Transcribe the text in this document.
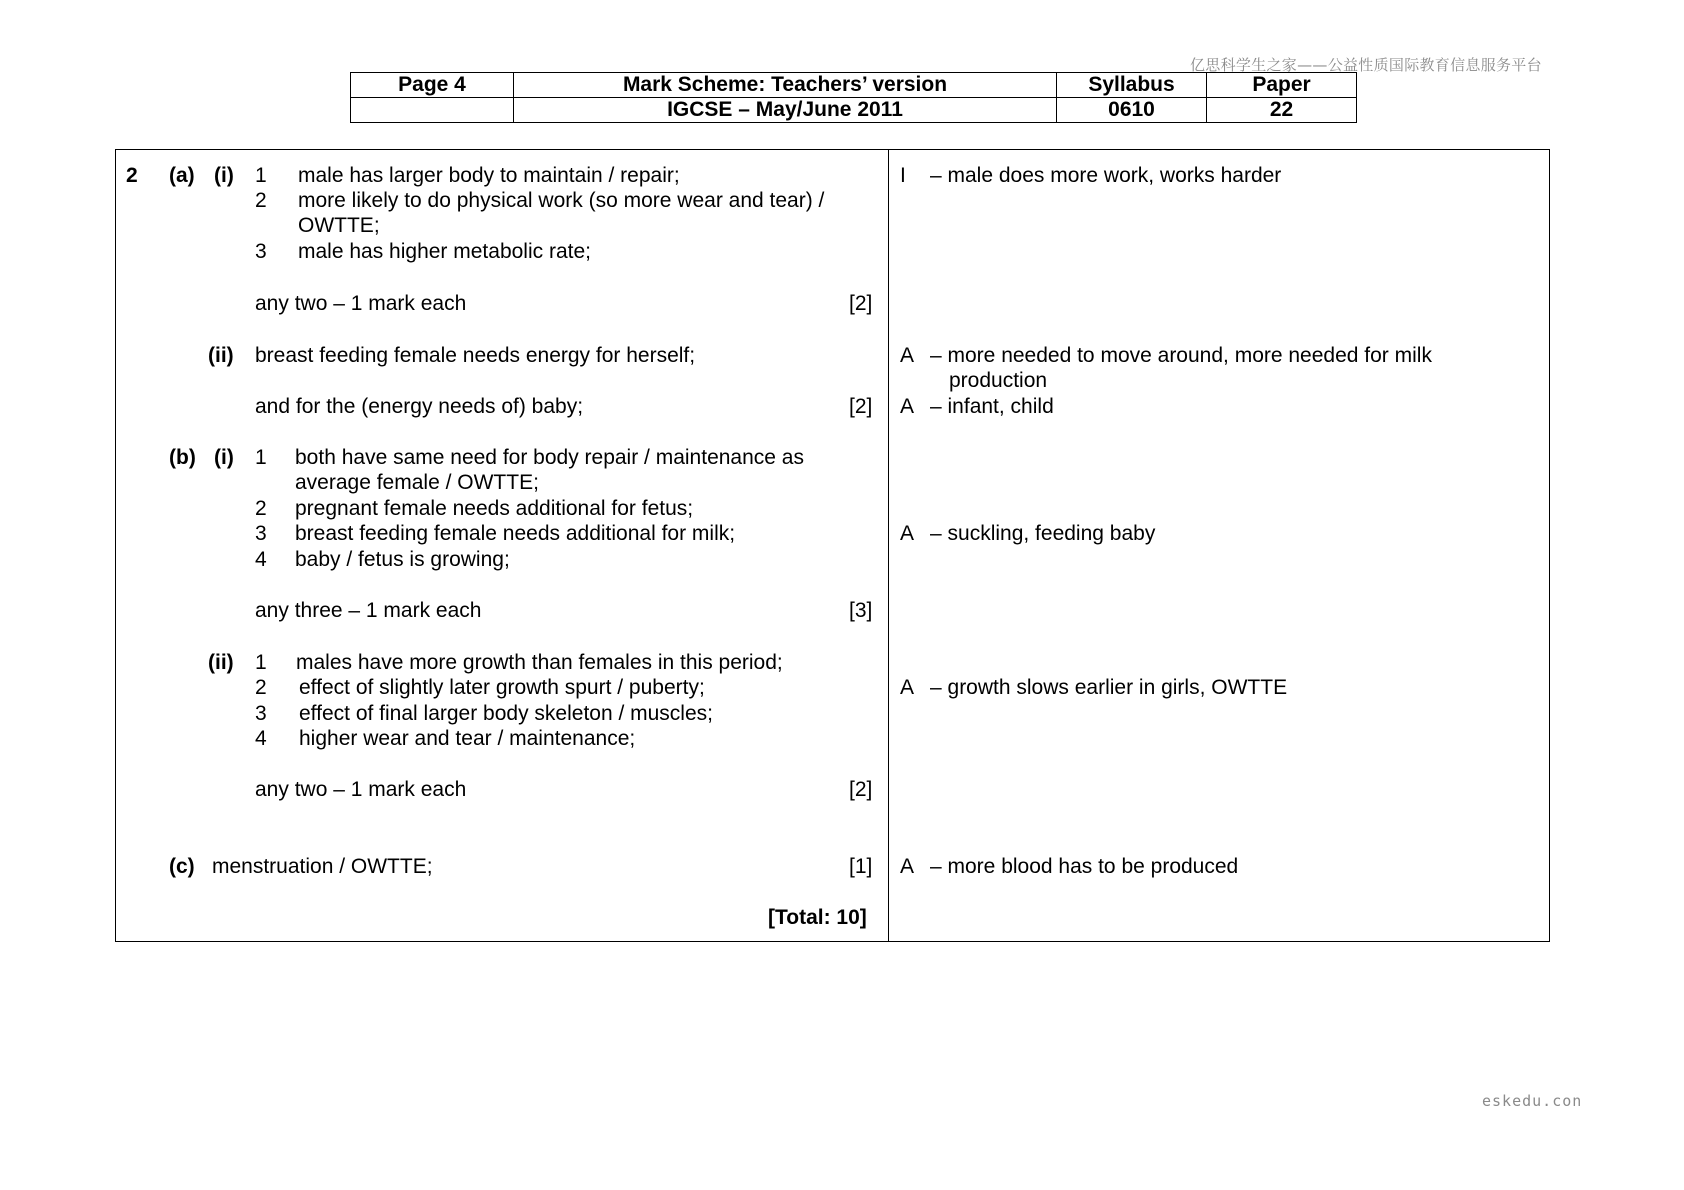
亿思科学生之家——公益性质国际教育信息服务平台
Page 4	Mark Scheme: Teachers’ version	Syllabus	Paper
	IGCSE – May/June 2011	0610	22
2 (a) (i) 1 male has larger body to maintain / repair;
2 more likely to do physical work (so more wear and tear) /
OWTTE;
3 male has higher metabolic rate;
any two – 1 mark each	[2]
I – male does more work, works harder
(ii) breast feeding female needs energy for herself;
and for the (energy needs of) baby;	[2]
A – more needed to move around, more needed for milk
production
A – infant, child
(b) (i) 1 both have same need for body repair / maintenance as
average female / OWTTE;
2 pregnant female needs additional for fetus;
3 breast feeding female needs additional for milk;
4 baby / fetus is growing;
any three – 1 mark each	[3]
A – suckling, feeding baby
(ii) 1 males have more growth than females in this period;
2 effect of slightly later growth spurt / puberty;
3 effect of final larger body skeleton / muscles;
4 higher wear and tear / maintenance;
any two – 1 mark each	[2]
A – growth slows earlier in girls, OWTTE
(c) menstruation / OWTTE;	[1] A – more blood has to be produced
[Total: 10]
eskedu.con
